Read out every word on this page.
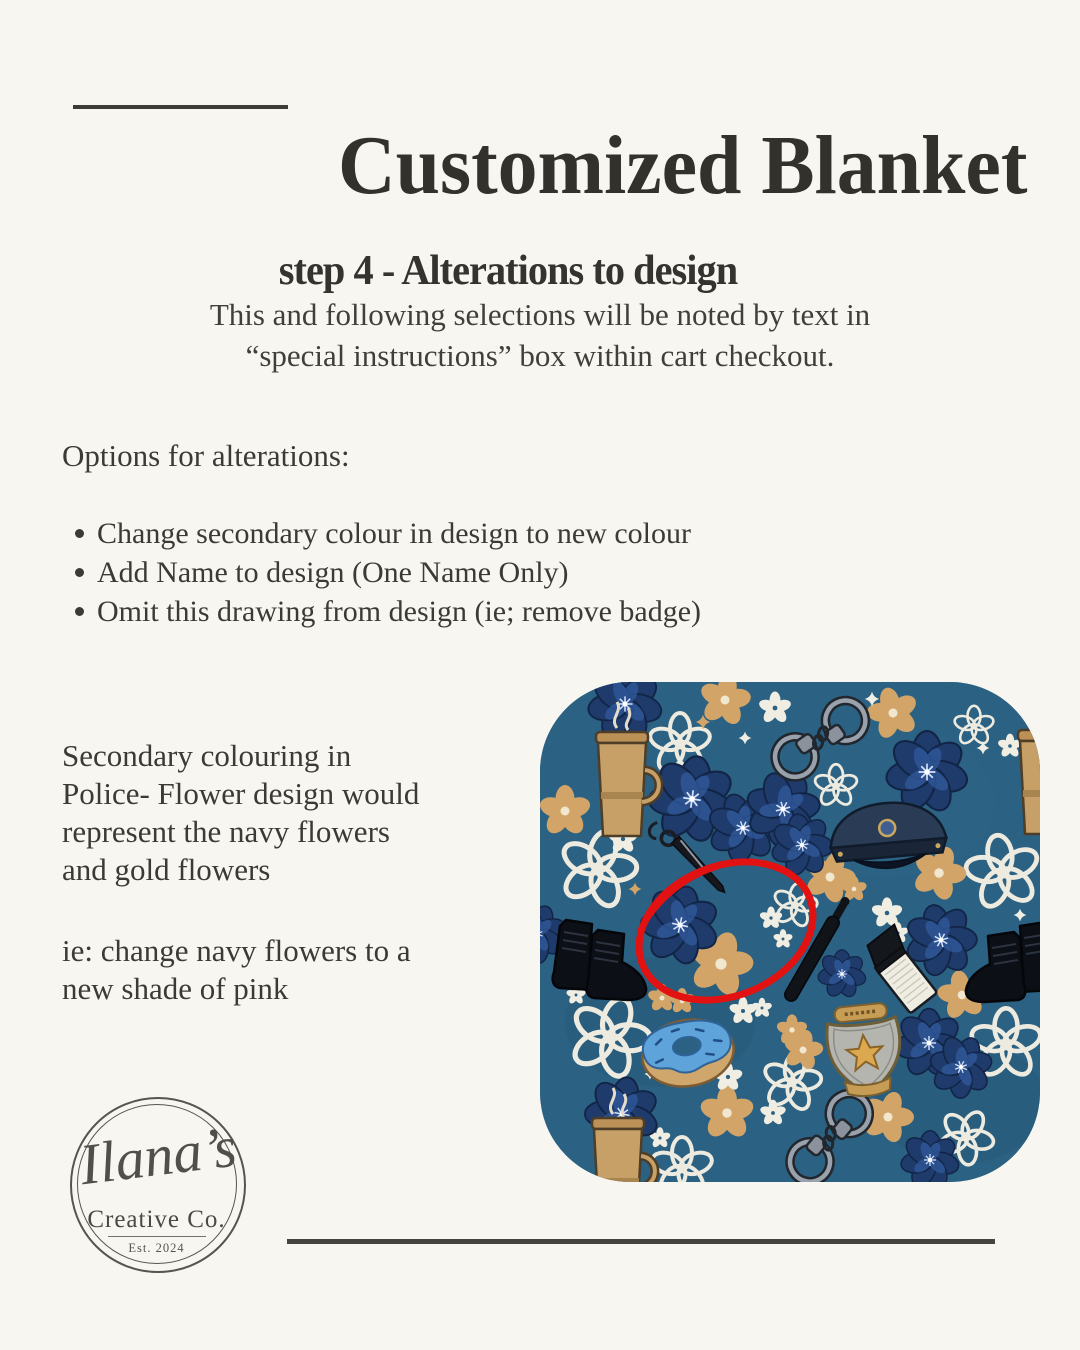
Customized Blanket
step 4 - Alterations to design
This and following selections will be noted by text in
“special instructions” box within cart checkout.
Options for alterations:
Change secondary colour in design to new colour
Add Name to design (One Name Only)
Omit this drawing from design (ie; remove badge)
Secondary colouring in
Police- Flower design would
represent the navy flowers
and gold flowers
ie: change navy flowers to a
new shade of pink
Ilana’s
Creative Co.
Est. 2024
